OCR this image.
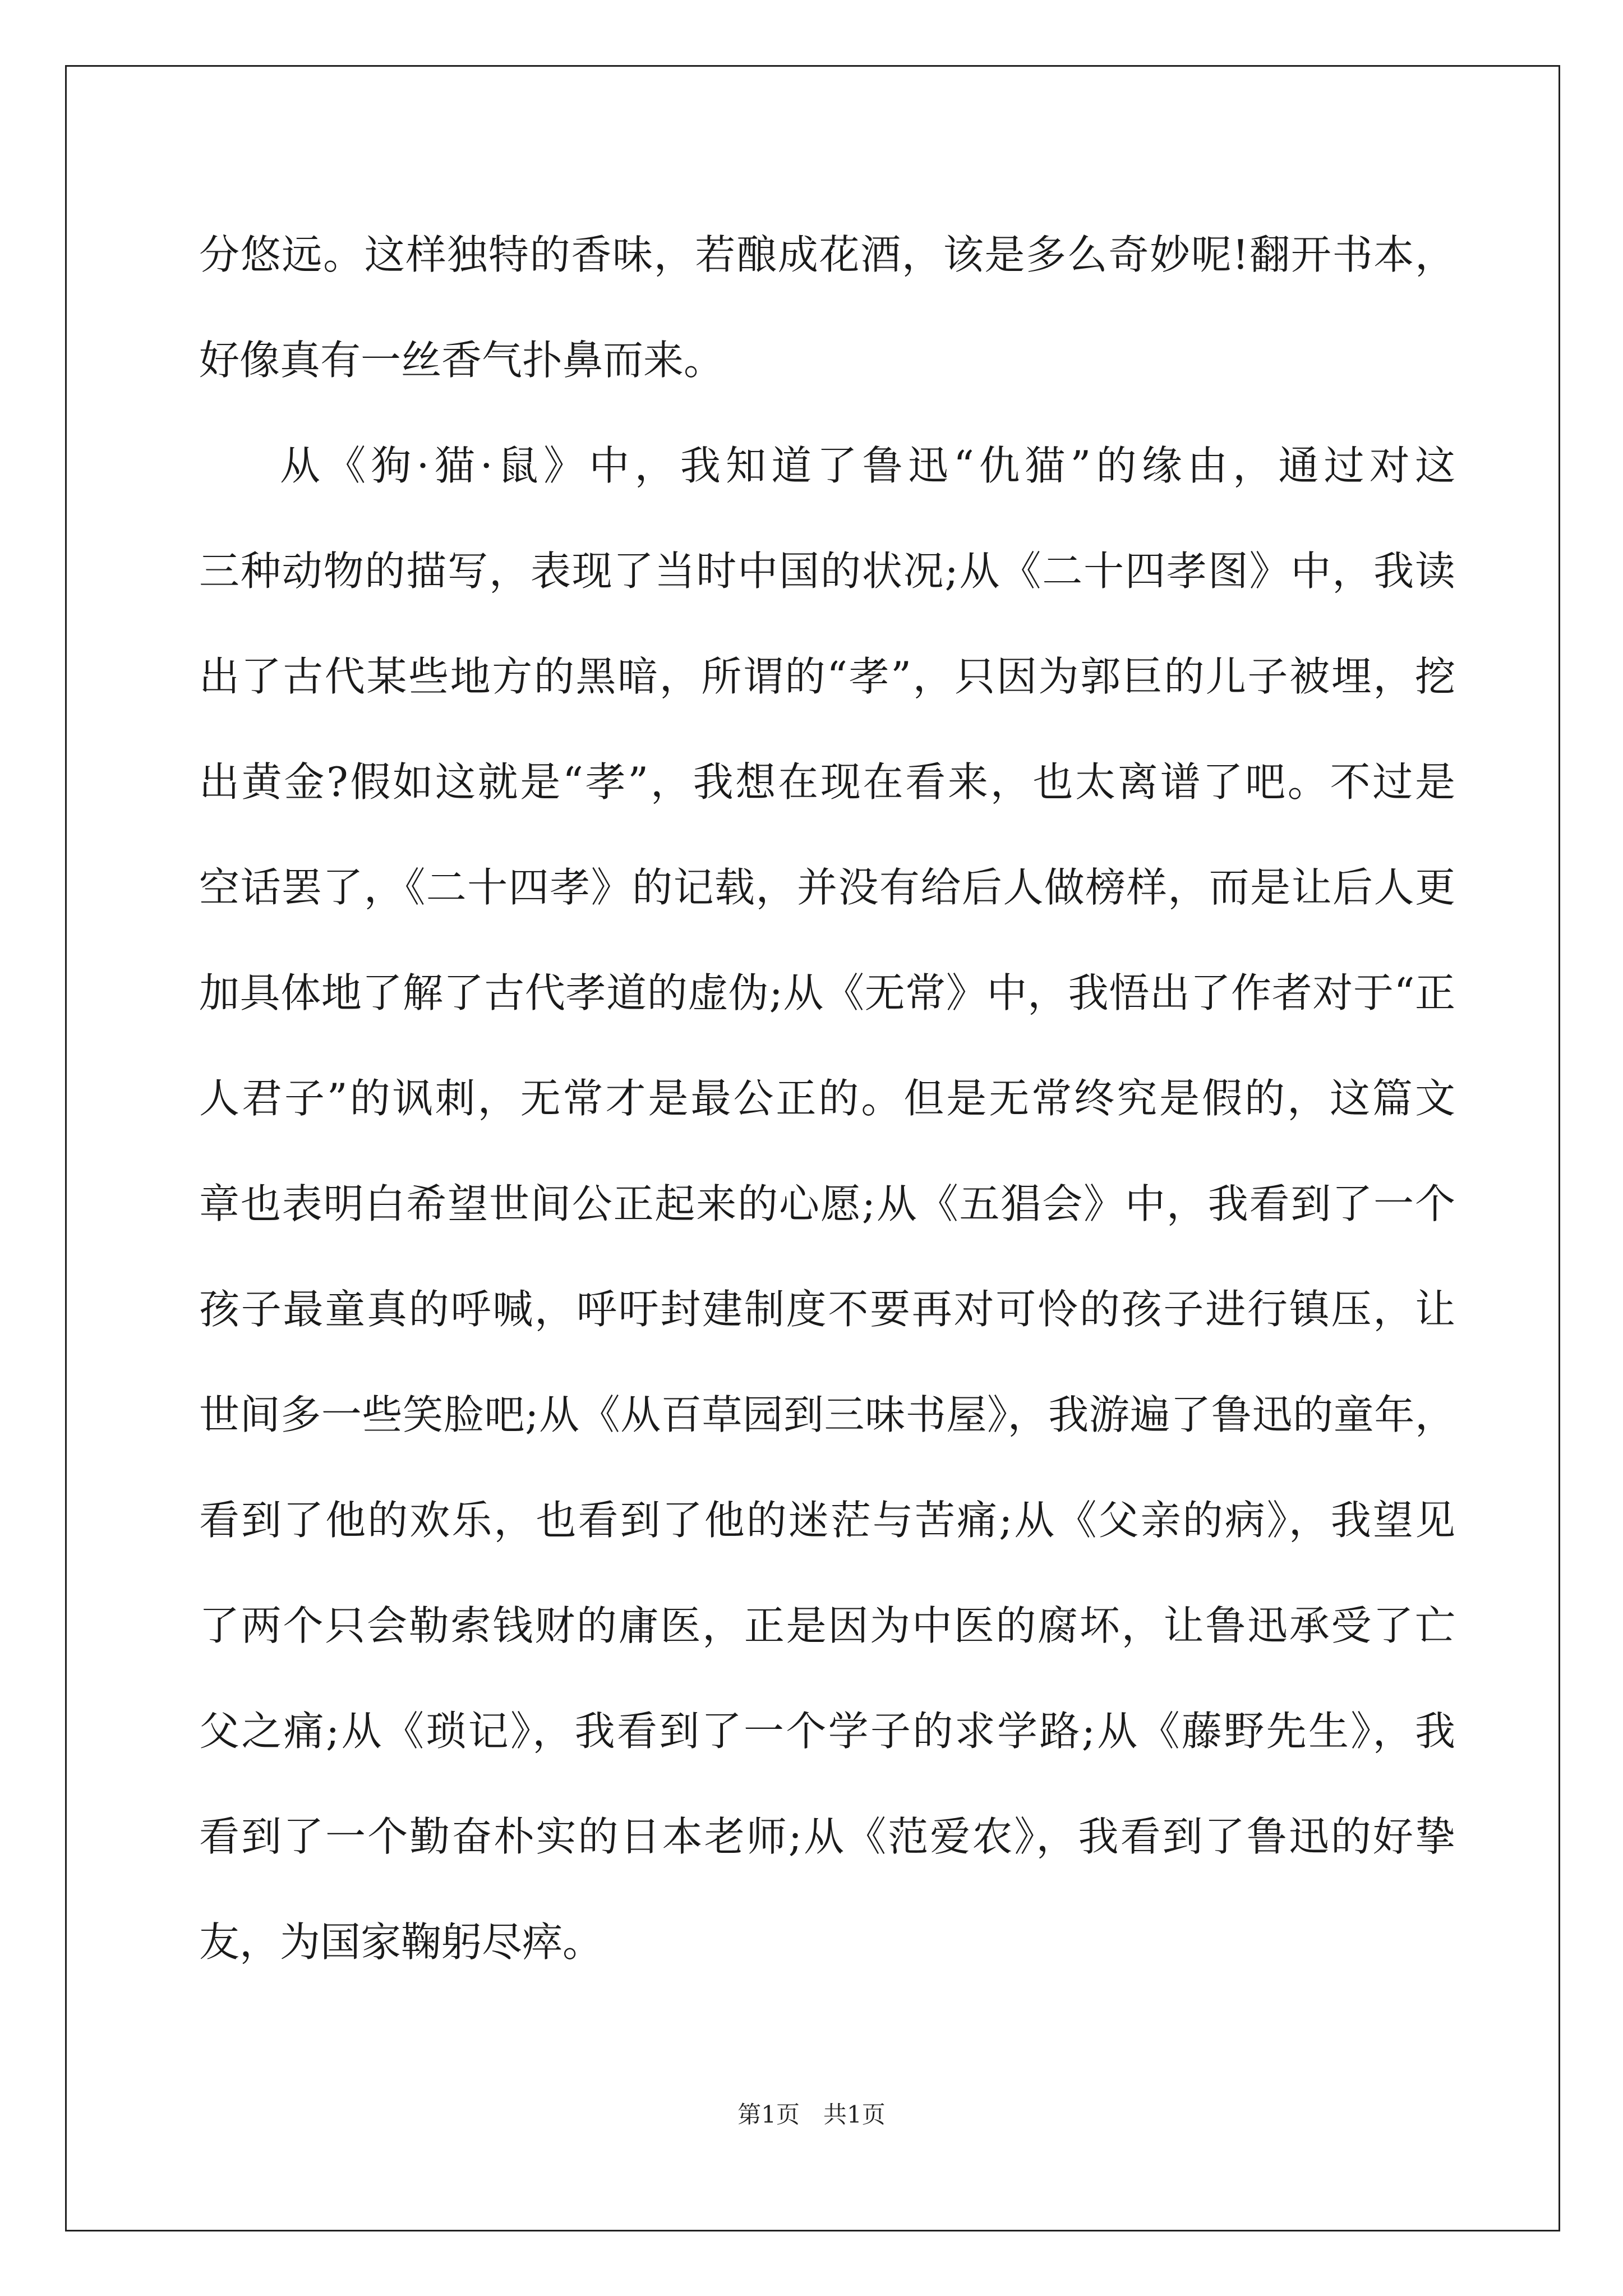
分悠远。这样独特的香味，若酿成花酒，该是多么奇妙呢!翻开书本，
好像真有一丝香气扑鼻而来。
从《狗·猫·鼠》中，我知道了鲁迅“仇猫”的缘由，通过对这
三种动物的描写，表现了当时中国的状况;从《二十四孝图》中，我读
出了古代某些地方的黑暗，所谓的“孝”，只因为郭巨的儿子被埋，挖
出黄金?假如这就是“孝”，我想在现在看来，也太离谱了吧。不过是
空话罢了，《二十四孝》的记载，并没有给后人做榜样，而是让后人更
加具体地了解了古代孝道的虚伪;从《无常》中，我悟出了作者对于“正
人君子”的讽刺，无常才是最公正的。但是无常终究是假的，这篇文
章也表明白希望世间公正起来的心愿;从《五猖会》中，我看到了一个
孩子最童真的呼喊，呼吁封建制度不要再对可怜的孩子进行镇压，让
世间多一些笑脸吧;从《从百草园到三味书屋》，我游遍了鲁迅的童年，
看到了他的欢乐，也看到了他的迷茫与苦痛;从《父亲的病》，我望见
了两个只会勒索钱财的庸医，正是因为中医的腐坏，让鲁迅承受了亡
父之痛;从《琐记》，我看到了一个学子的求学路;从《藤野先生》，我
看到了一个勤奋朴实的日本老师;从《范爱农》，我看到了鲁迅的好挚
友，为国家鞠躬尽瘁。
第1页　共1页
